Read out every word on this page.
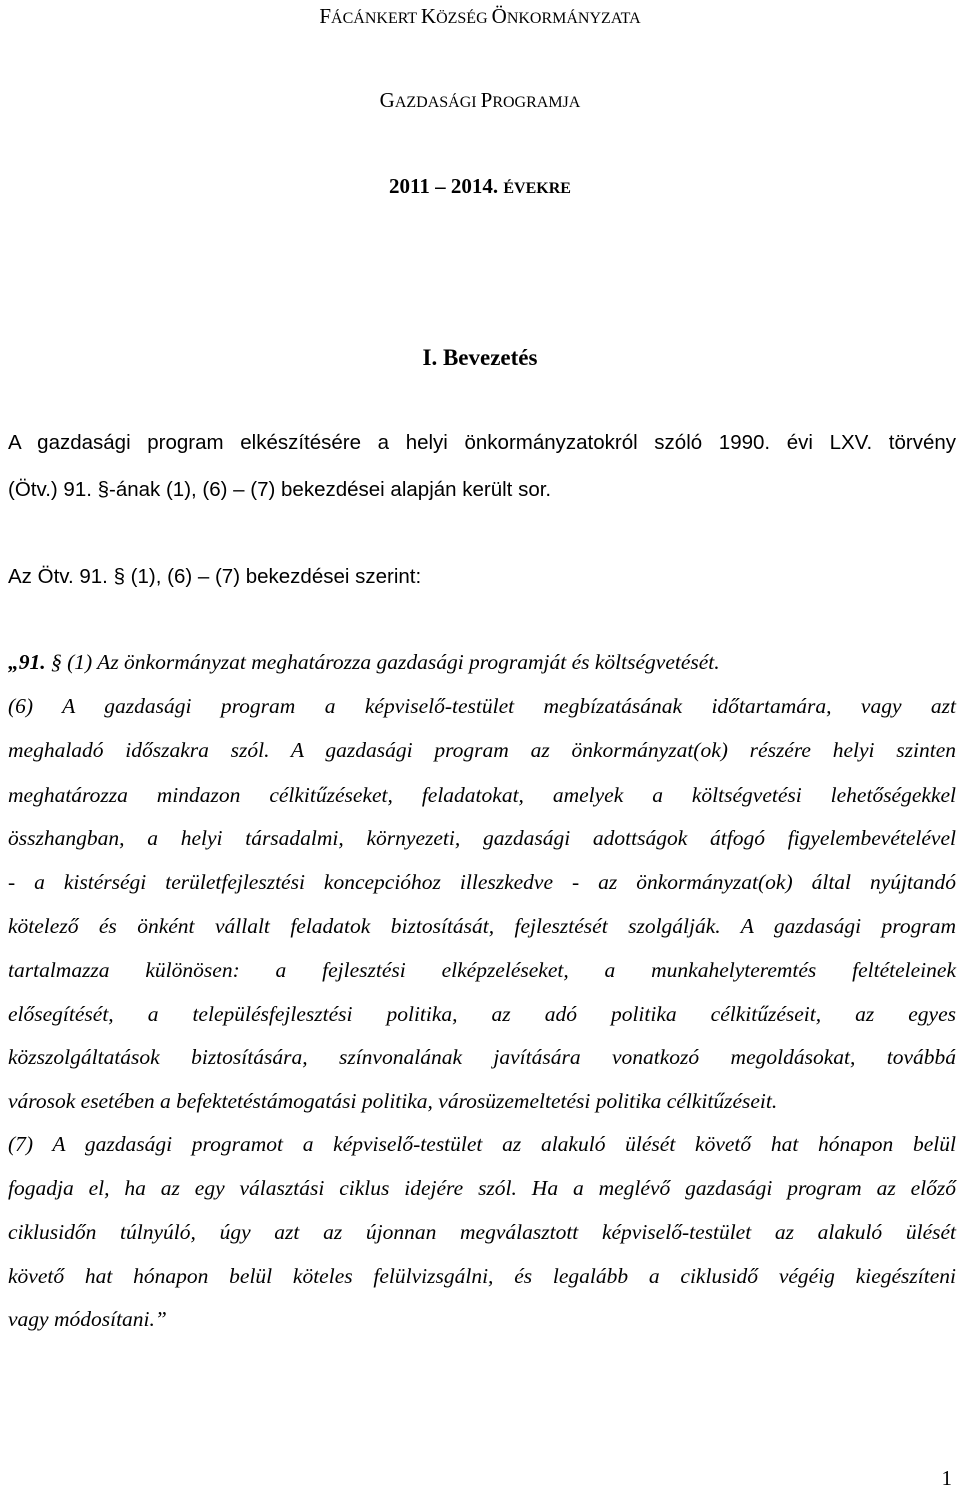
FÁCÁNKERT KÖZSÉG ÖNKORMÁNYZATA
GAZDASÁGI PROGRAMJA
2011 – 2014. ÉVEKRE
I. Bevezetés
A gazdasági program elkészítésére a helyi önkormányzatokról szóló 1990. évi LXV. törvény
(Ötv.) 91. §-ának (1), (6) – (7) bekezdései alapján került sor.
Az Ötv. 91. § (1), (6) – (7) bekezdései szerint:
„91. § (1) Az önkormányzat meghatározza gazdasági programját és költségvetését.
(6) A gazdasági program a képviselő-testület megbízatásának időtartamára, vagy azt
meghaladó időszakra szól. A gazdasági program az önkormányzat(ok) részére helyi szinten
meghatározza mindazon célkitűzéseket, feladatokat, amelyek a költségvetési lehetőségekkel
összhangban, a helyi társadalmi, környezeti, gazdasági adottságok átfogó figyelembevételével
- a kistérségi területfejlesztési koncepcióhoz illeszkedve - az önkormányzat(ok) által nyújtandó
kötelező és önként vállalt feladatok biztosítását, fejlesztését szolgálják. A gazdasági program
tartalmazza különösen: a fejlesztési elképzeléseket, a munkahelyteremtés feltételeinek
elősegítését, a településfejlesztési politika, az adó politika célkitűzéseit, az egyes
közszolgáltatások biztosítására, színvonalának javítására vonatkozó megoldásokat, továbbá
városok esetében a befektetéstámogatási politika, városüzemeltetési politika célkitűzéseit.
(7) A gazdasági programot a képviselő-testület az alakuló ülését követő hat hónapon belül
fogadja el, ha az egy választási ciklus idejére szól. Ha a meglévő gazdasági program az előző
ciklusidőn túlnyúló, úgy azt az újonnan megválasztott képviselő-testület az alakuló ülését
követő hat hónapon belül köteles felülvizsgálni, és legalább a ciklusidő végéig kiegészíteni
vagy módosítani.”
1
